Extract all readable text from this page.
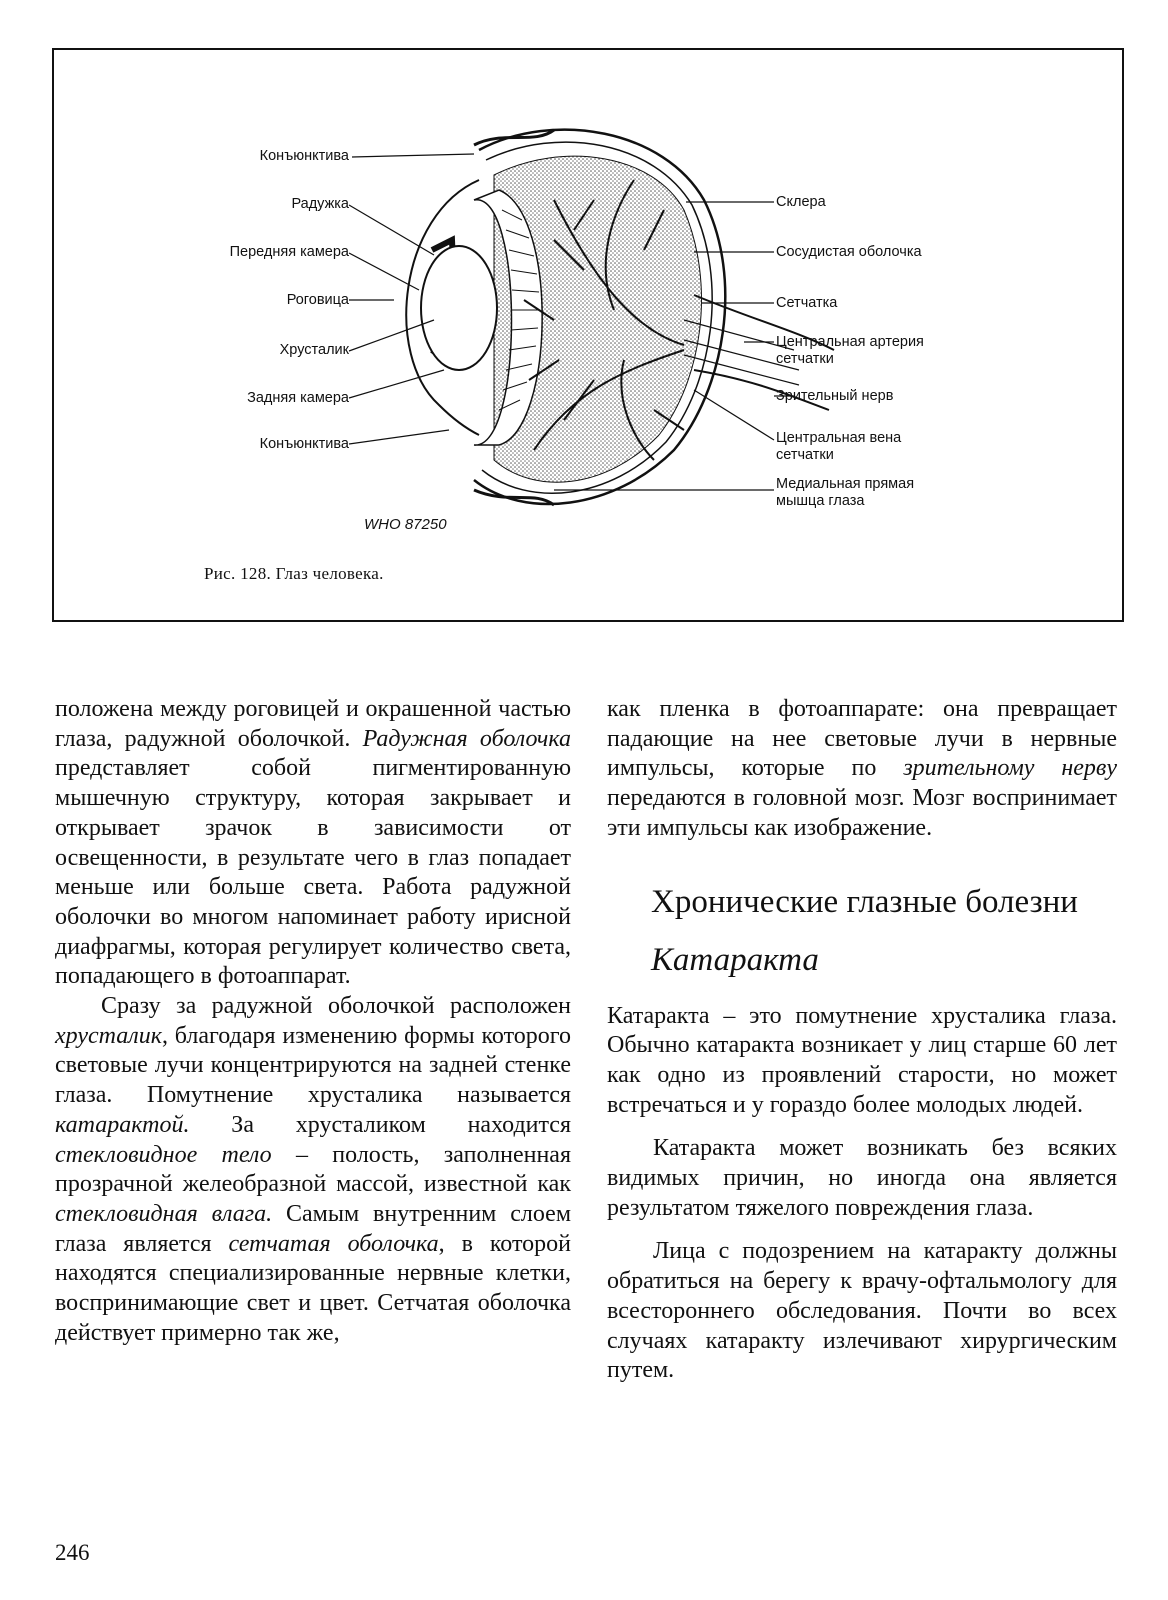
Конъюнктива
Радужка
Передняя камера
Роговица
Хрусталик
Задняя камера
Конъюнктива
Склера
Сосудистая оболочка
Сетчатка
Центральная артерия
сетчатки
Зрительный нерв
Центральная вена
сетчатки
Медиальная прямая
мышца глаза
WHO 87250
Рис. 128. Глаз человека.

положена между роговицей и окрашенной частью глаза, радужной оболочкой. Радужная оболочка представляет собой пигментированную мышечную структуру, которая закрывает и открывает зрачок в зависимости от освещенности, в результате чего в глаз попадает меньше или больше света. Работа радужной оболочки во многом напоминает работу ирисной диафрагмы, которая регулирует количество света, попадающего в фотоаппарат.

Сразу за радужной оболочкой расположен хрусталик, благодаря изменению формы которого световые лучи концентрируются на задней стенке глаза. Помутнение хрусталика называется катарактой. За хрусталиком находится стекловидное тело – полость, заполненная прозрачной желеобразной массой, известной как стекловидная влага. Самым внутренним слоем глаза является сетчатая оболочка, в которой находятся специализированные нервные клетки, воспринимающие свет и цвет. Сетчатая оболочка действует примерно так же,

как пленка в фотоаппарате: она превращает падающие на нее световые лучи в нервные импульсы, которые по зрительному нерву передаются в головной мозг. Мозг воспринимает эти импульсы как изображение.

Хронические глазные болезни
Катаракта

Катаракта – это помутнение хрусталика глаза. Обычно катаракта возникает у лиц старше 60 лет как одно из проявлений старости, но может встречаться и у гораздо более молодых людей.

Катаракта может возникать без всяких видимых причин, но иногда она является результатом тяжелого повреждения глаза.

Лица с подозрением на катаракту должны обратиться на берегу к врачу-офтальмологу для всестороннего обследования. Почти во всех случаях катаракту излечивают хирургическим путем.

246
